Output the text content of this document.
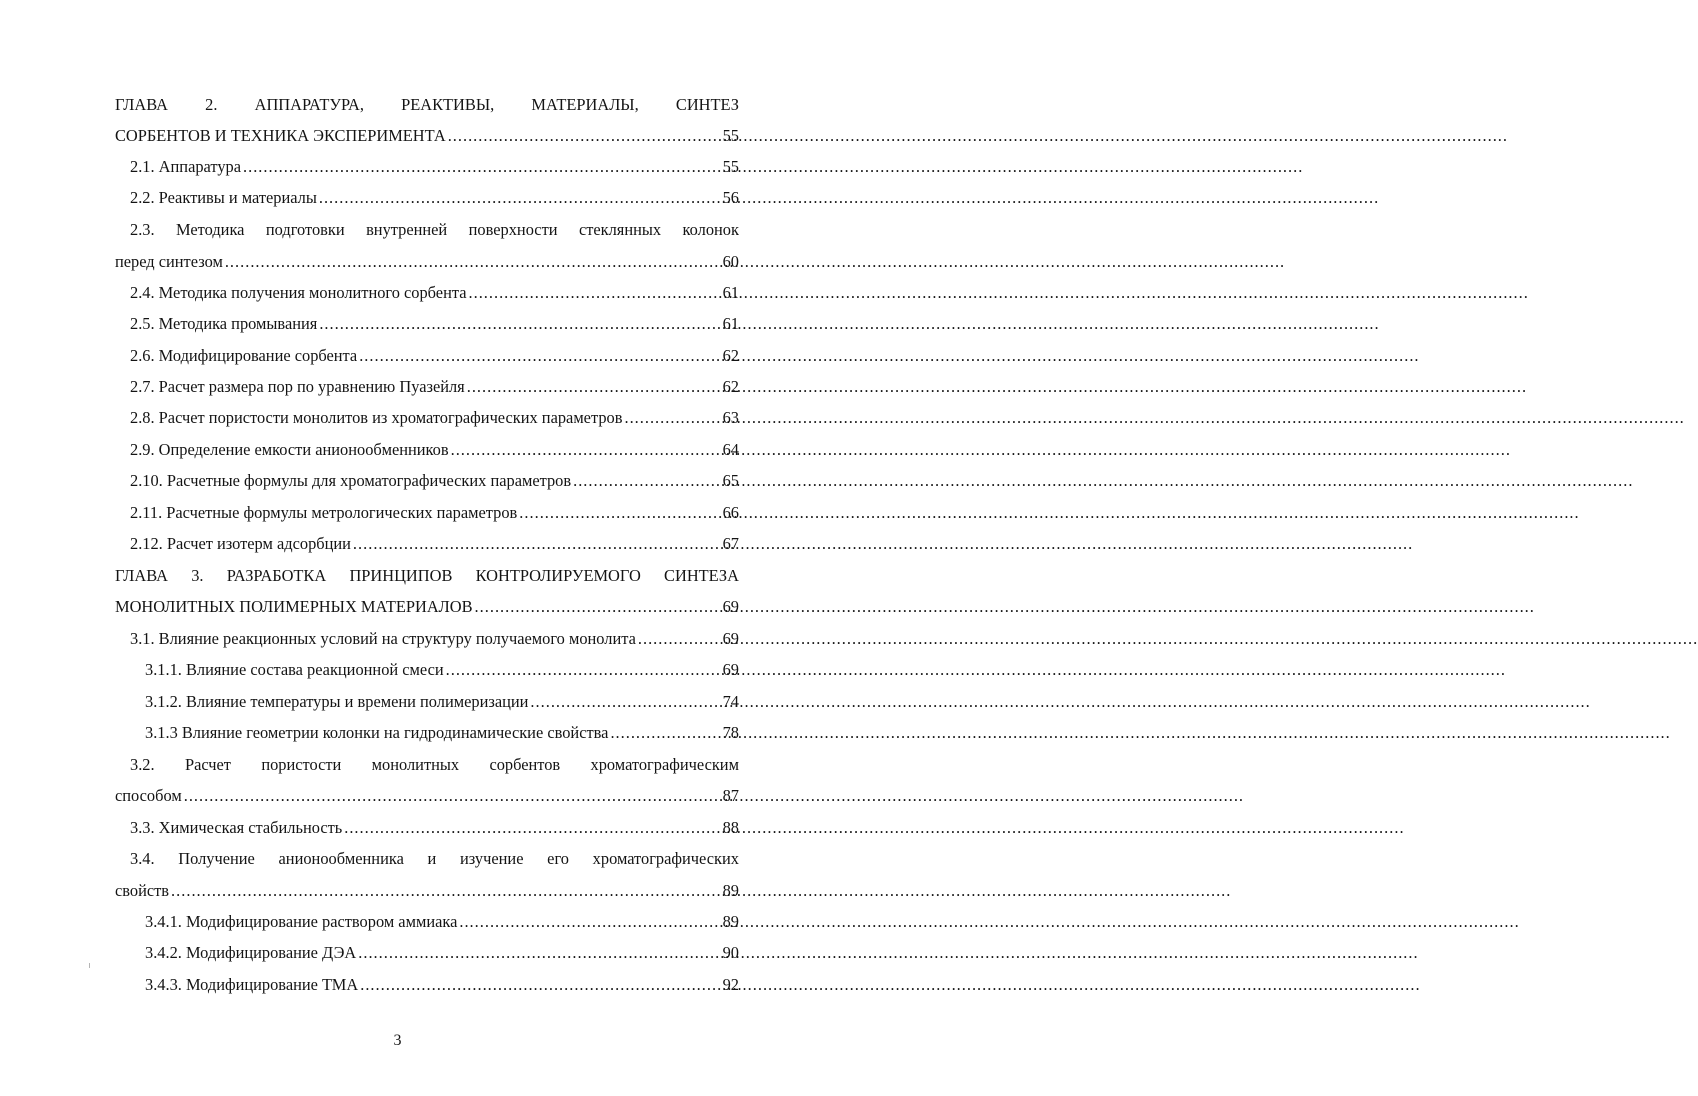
ГЛАВА 2. АППАРАТУРА, РЕАКТИВЫ, МАТЕРИАЛЫ, СИНТЕЗ
СОРБЕНТОВ И ТЕХНИКА ЭКСПЕРИМЕНТА .....	55
2.1. Аппаратура .....	55
2.2. Реактивы и материалы .....	56
2.3. Методика подготовки внутренней поверхности стеклянных колонок
перед синтезом .....	60
2.4. Методика получения монолитного сорбента .....	61
2.5. Методика промывания .....	61
2.6. Модифицирование сорбента .....	62
2.7. Расчет размера пор по уравнению Пуазейля .....	62
2.8. Расчет пористости монолитов из хроматографических параметров .....	63
2.9. Определение емкости анионообменников .....	64
2.10. Расчетные формулы для хроматографических параметров .....	65
2.11. Расчетные формулы метрологических параметров .....	66
2.12. Расчет изотерм адсорбции .....	67
ГЛАВА 3. РАЗРАБОТКА ПРИНЦИПОВ КОНТРОЛИРУЕМОГО СИНТЕЗА
МОНОЛИТНЫХ ПОЛИМЕРНЫХ МАТЕРИАЛОВ .....	69
3.1. Влияние реакционных условий на структуру получаемого монолита .....	69
3.1.1. Влияние состава реакционной смеси .....	69
3.1.2. Влияние температуры и времени полимеризации .....	74
3.1.3 Влияние геометрии колонки на гидродинамические свойства .....	78
3.2. Расчет пористости монолитных сорбентов хроматографическим
способом .....	87
3.3. Химическая стабильность .....	88
3.4. Получение анионообменника и изучение его хроматографических
свойств .....	89
3.4.1. Модифицирование раствором аммиака .....	89
3.4.2. Модифицирование ДЭА .....	90
3.4.3. Модифицирование ТМА .....	92
3
